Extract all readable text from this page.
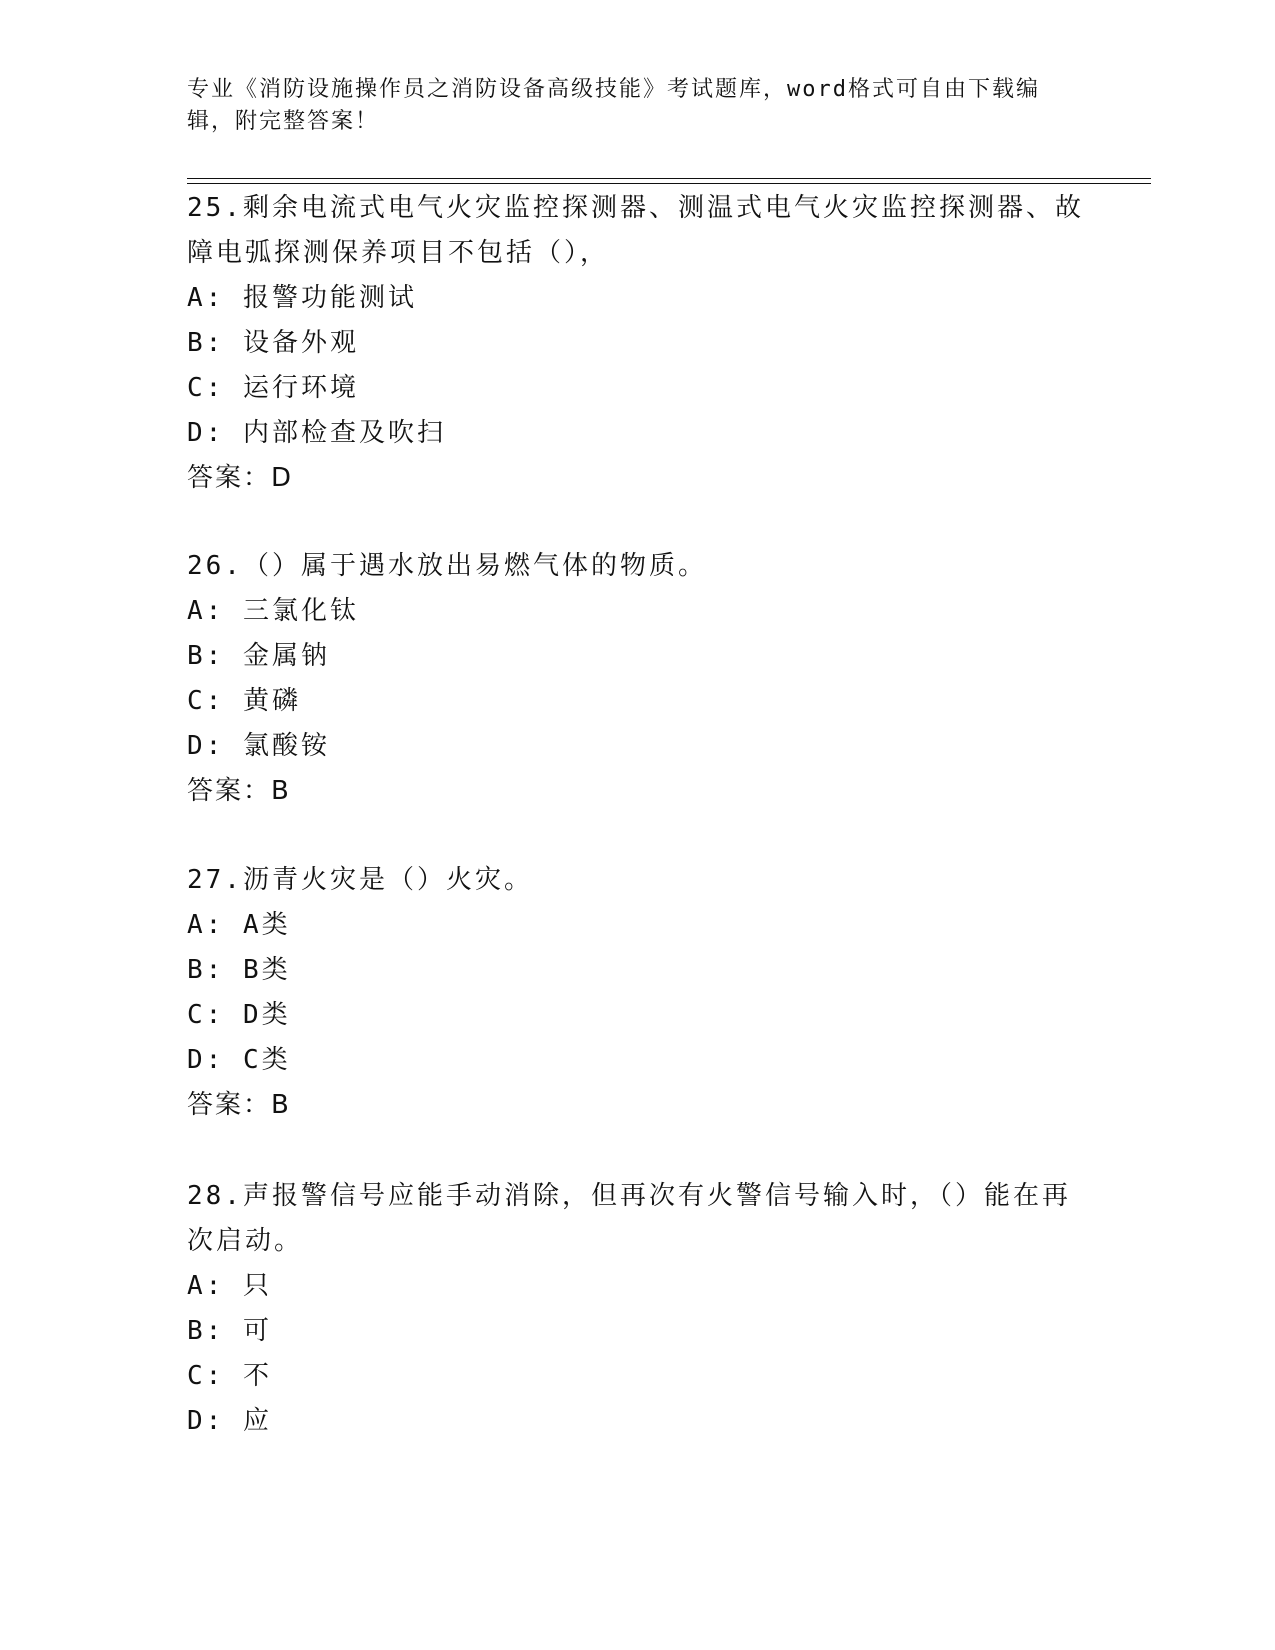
专业《消防设施操作员之消防设备高级技能》考试题库，word格式可自由下载编辑，附完整答案！
25.剩余电流式电气火灾监控探测器、测温式电气火灾监控探测器、故障电弧探测保养项目不包括（），
A: 报警功能测试
B: 设备外观
C: 运行环境
D: 内部检查及吹扫
答案：D
26.（）属于遇水放出易燃气体的物质。
A: 三氯化钛
B: 金属钠
C: 黄磷
D: 氯酸铵
答案：B
27.沥青火灾是（）火灾。
A: A类
B: B类
C: D类
D: C类
答案：B
28.声报警信号应能手动消除，但再次有火警信号输入时，（）能在再次启动。
A: 只
B: 可
C: 不
D: 应
